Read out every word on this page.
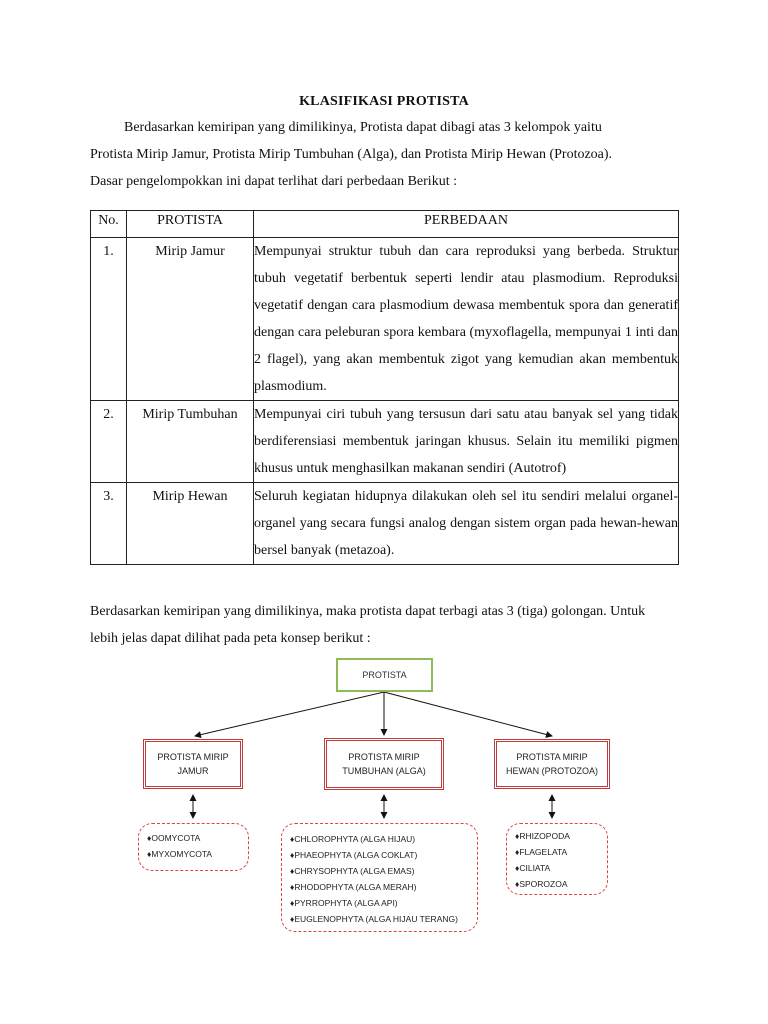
KLASIFIKASI PROTISTA
Berdasarkan kemiripan yang dimilikinya, Protista dapat dibagi atas 3 kelompok yaitu
Protista Mirip Jamur, Protista Mirip Tumbuhan (Alga), dan Protista Mirip Hewan (Protozoa).
Dasar pengelompokkan ini dapat terlihat dari perbedaan Berikut :
No.	PROTISTA	PERBEDAAN
1.	Mirip Jamur	Mempunyai struktur tubuh dan cara reproduksi yang berbeda. Struktur tubuh vegetatif berbentuk seperti lendir atau plasmodium. Reproduksi vegetatif dengan cara plasmodium dewasa membentuk spora dan generatif dengan cara peleburan spora kembara (myxoflagella, mempunyai 1 inti dan 2 flagel), yang akan membentuk zigot yang kemudian akan membentuk plasmodium.
2.	Mirip Tumbuhan	Mempunyai ciri tubuh yang tersusun dari satu atau banyak sel yang tidak berdiferensiasi membentuk jaringan khusus. Selain itu memiliki pigmen khusus untuk menghasilkan makanan sendiri (Autotrof)
3.	Mirip Hewan	Seluruh kegiatan hidupnya dilakukan oleh sel itu sendiri melalui organel-organel yang secara fungsi analog dengan sistem organ pada hewan-hewan bersel banyak (metazoa).
Berdasarkan kemiripan yang dimilikinya, maka protista dapat terbagi atas 3 (tiga) golongan. Untuk
lebih jelas dapat dilihat pada peta konsep berikut :
PROTISTA
PROTISTA MIRIP
JAMUR
PROTISTA MIRIP
TUMBUHAN (ALGA)
PROTISTA MIRIP
HEWAN (PROTOZOA)
♦ OOMYCOTA
♦ MYXOMYCOTA
♦ CHLOROPHYTA (ALGA HIJAU)
♦ PHAEOPHYTA (ALGA COKLAT)
♦ CHRYSOPHYTA (ALGA EMAS)
♦ RHODOPHYTA (ALGA MERAH)
♦ PYRROPHYTA (ALGA API)
♦ EUGLENOPHYTA (ALGA HIJAU TERANG)
♦ RHIZOPODA
♦ FLAGELATA
♦ CILIATA
♦ SPOROZOA
